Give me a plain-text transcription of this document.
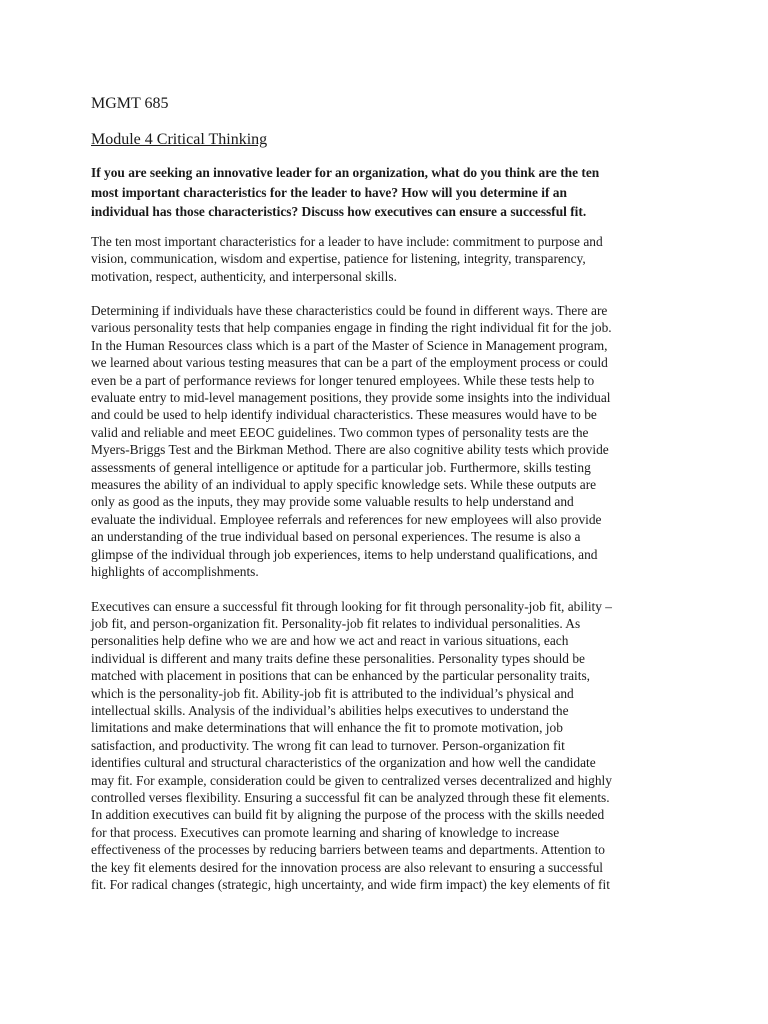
MGMT 685
Module 4 Critical Thinking
If you are seeking an innovative leader for an organization, what do you think are the ten
most important characteristics for the leader to have? How will you determine if an
individual has those characteristics? Discuss how executives can ensure a successful fit.
The ten most important characteristics for a leader to have include: commitment to purpose and
vision, communication, wisdom and expertise, patience for listening, integrity, transparency,
motivation, respect, authenticity, and interpersonal skills.
Determining if individuals have these characteristics could be found in different ways. There are
various personality tests that help companies engage in finding the right individual fit for the job.
In the Human Resources class which is a part of the Master of Science in Management program,
we learned about various testing measures that can be a part of the employment process or could
even be a part of performance reviews for longer tenured employees. While these tests help to
evaluate entry to mid-level management positions, they provide some insights into the individual
and could be used to help identify individual characteristics. These measures would have to be
valid and reliable and meet EEOC guidelines. Two common types of personality tests are the
Myers-Briggs Test and the Birkman Method. There are also cognitive ability tests which provide
assessments of general intelligence or aptitude for a particular job. Furthermore, skills testing
measures the ability of an individual to apply specific knowledge sets. While these outputs are
only as good as the inputs, they may provide some valuable results to help understand and
evaluate the individual. Employee referrals and references for new employees will also provide
an understanding of the true individual based on personal experiences. The resume is also a
glimpse of the individual through job experiences, items to help understand qualifications, and
highlights of accomplishments.
Executives can ensure a successful fit through looking for fit through personality-job fit, ability –
job fit, and person-organization fit. Personality-job fit relates to individual personalities. As
personalities help define who we are and how we act and react in various situations, each
individual is different and many traits define these personalities. Personality types should be
matched with placement in positions that can be enhanced by the particular personality traits,
which is the personality-job fit. Ability-job fit is attributed to the individual’s physical and
intellectual skills. Analysis of the individual’s abilities helps executives to understand the
limitations and make determinations that will enhance the fit to promote motivation, job
satisfaction, and productivity. The wrong fit can lead to turnover. Person-organization fit
identifies cultural and structural characteristics of the organization and how well the candidate
may fit. For example, consideration could be given to centralized verses decentralized and highly
controlled verses flexibility. Ensuring a successful fit can be analyzed through these fit elements.
In addition executives can build fit by aligning the purpose of the process with the skills needed
for that process. Executives can promote learning and sharing of knowledge to increase
effectiveness of the processes by reducing barriers between teams and departments. Attention to
the key fit elements desired for the innovation process are also relevant to ensuring a successful
fit. For radical changes (strategic, high uncertainty, and wide firm impact) the key elements of fit
